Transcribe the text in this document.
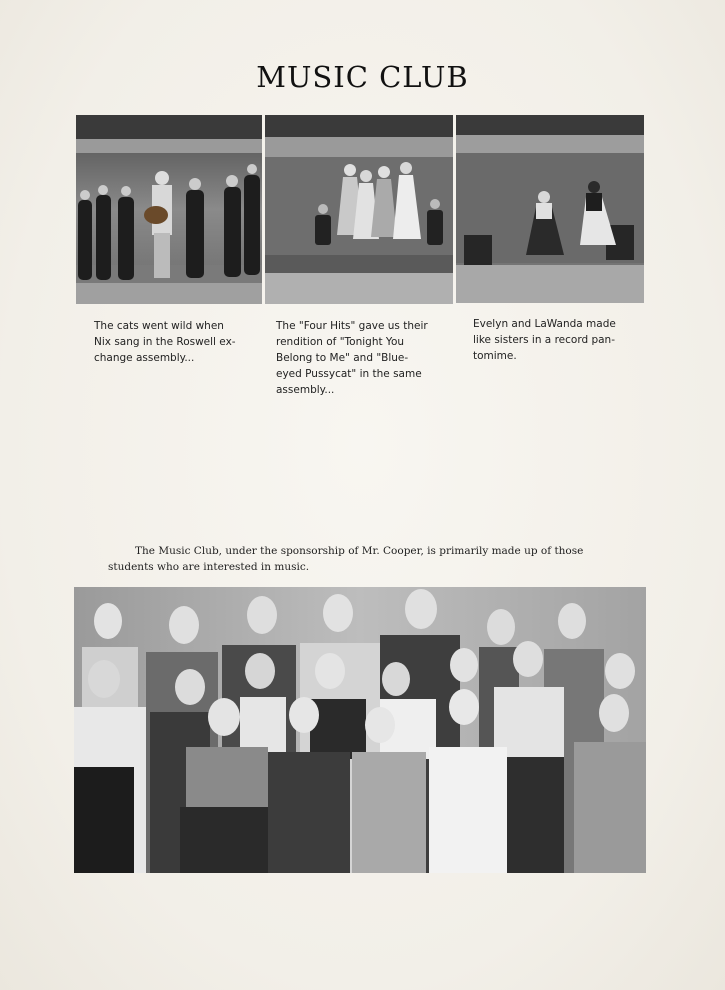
MUSIC CLUB

The cats went wild when
Nix sang in the Roswell ex-
change assembly...

The "Four Hits" gave us their
rendition of "Tonight You
Belong to Me" and "Blue-
eyed Pussycat" in the same
assembly...

Evelyn and LaWanda made
like sisters in a record pan-
tomime.

The Music Club, under the sponsorship of Mr. Cooper, is primarily made up of those
students who are interested in music.
